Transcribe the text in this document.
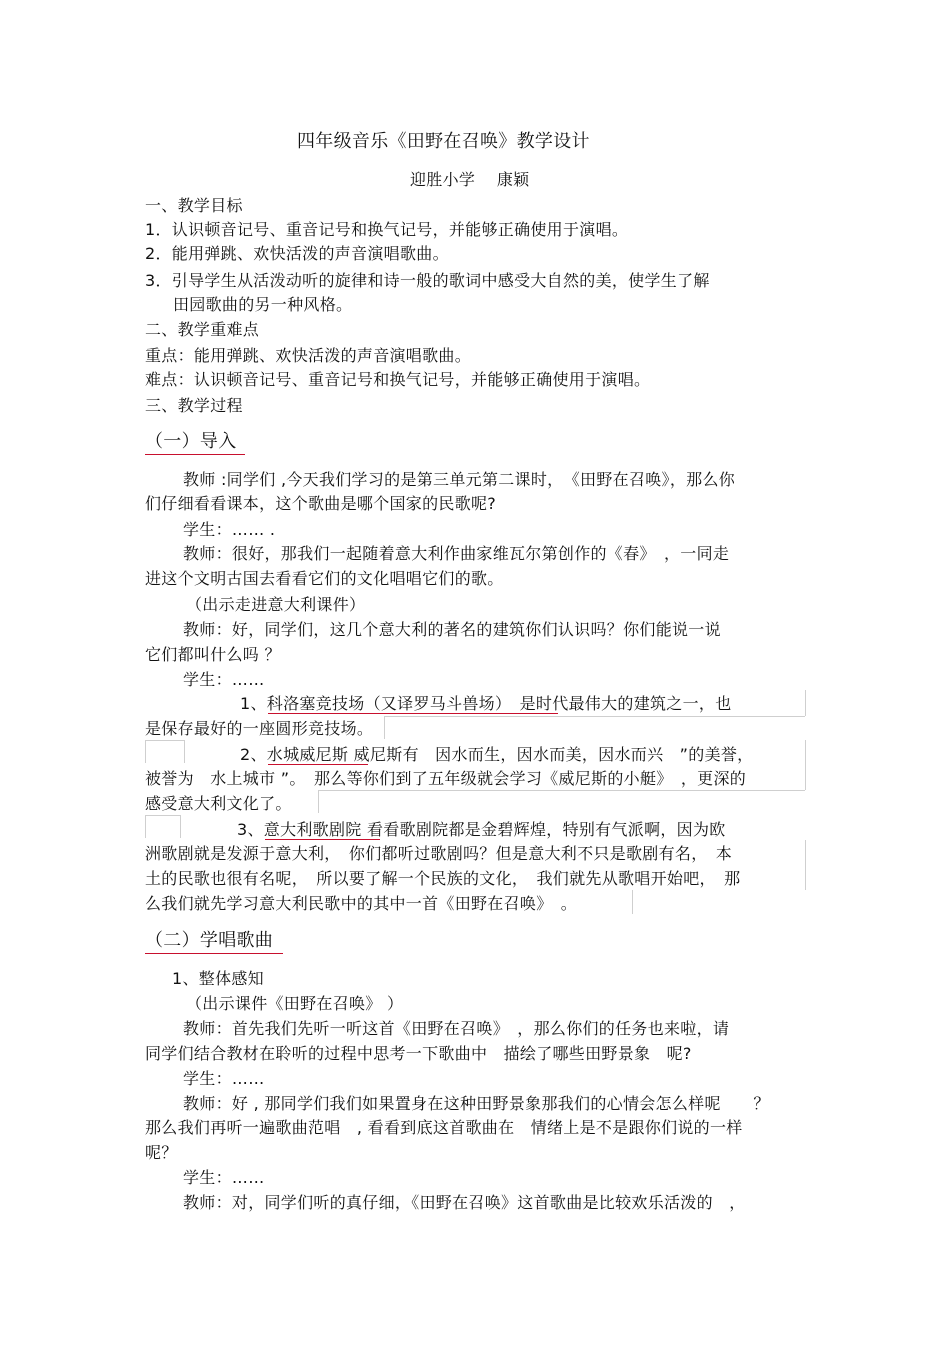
四年级音乐《田野在召唤》教学设计
迎胜小学　 康颖
一、教学目标
1．认识顿音记号、重音记号和换气记号，并能够正确使用于演唱。
2．能用弹跳、欢快活泼的声音演唱歌曲。
3．引导学生从活泼动听的旋律和诗一般的歌词中感受大自然的美，使学生了解
田园歌曲的另一种风格。
二、教学重难点
重点：能用弹跳、欢快活泼的声音演唱歌曲。
难点：认识顿音记号、重音记号和换气记号，并能够正确使用于演唱。
三、教学过程
（一）导入
教师 :同学们 ,今天我们学习的是第三单元第二课时，　《田野在召唤》，那么你
们仔细看看课本，这个歌曲是哪个国家的民歌呢?
学生：…… .
教师：很好，那我们一起随着意大利作曲家维瓦尔第创作的《春》　，一同走
进这个文明古国去看看它们的文化唱唱它们的歌。
（出示走进意大利课件）
教师：好，同学们，这几个意大利的著名的建筑你们认识吗？你们能说一说
它们都叫什么吗 ？
学生：……
1、科洛塞竞技场（又译罗马斗兽场）　是时代最伟大的建筑之一，也
是保存最好的一座圆形竞技场。
2、水城威尼斯 威尼斯有　因水而生，因水而美，因水而兴　”的美誉，
被誉为　水上城市 ”。　那么等你们到了五年级就会学习《威尼斯的小艇》　，更深的
感受意大利文化了。
3、意大利歌剧院 看看歌剧院都是金碧辉煌，特别有气派啊，因为欧
洲歌剧就是发源于意大利，　你们都听过歌剧吗？但是意大利不只是歌剧有名，　本
土的民歌也很有名呢，　所以要了解一个民族的文化，　我们就先从歌唱开始吧，　那
么我们就先学习意大利民歌中的其中一首《田野在召唤》　。
（二）学唱歌曲
1、整体感知
（出示课件《田野在召唤》 ）
教师：首先我们先听一听这首《田野在召唤》　，那么你们的任务也来啦，请
同学们结合教材在聆听的过程中思考一下歌曲中　描绘了哪些田野景象　呢?
学生：……
教师：好 , 那同学们我们如果置身在这种田野景象那我们的心情会怎么样呢　　？
那么我们再听一遍歌曲范唱　, 看看到底这首歌曲在　情绪上是不是跟你们说的一样
呢？
学生：……
教师：对，同学们听的真仔细，《田野在召唤》这首歌曲是比较欢乐活泼的　，
